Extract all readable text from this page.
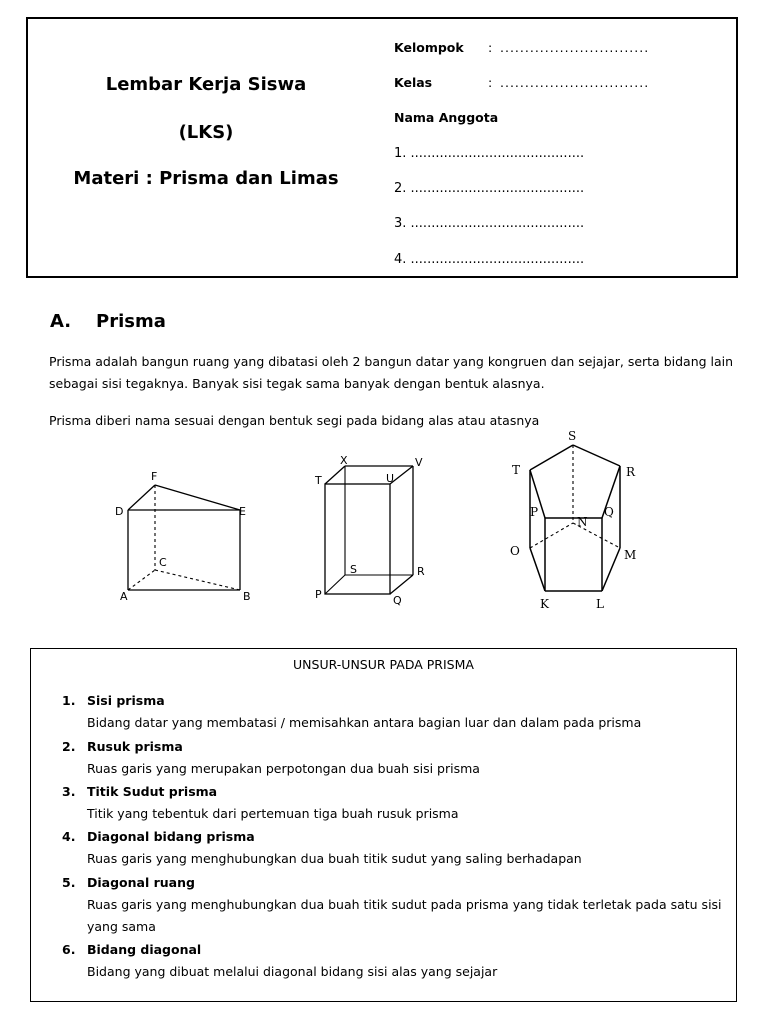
Lembar Kerja Siswa
(LKS)
Materi : Prisma dan Limas
Kelompok : ..............................
Kelas	: ..............................
Nama Anggota
1. ..........................................
2. ..........................................
3. ..........................................
4. ..........................................
A. Prisma
Prisma adalah bangun ruang yang dibatasi oleh 2 bangun datar yang kongruen dan sejajar, serta bidang lain sebagai sisi tegaknya. Banyak sisi tegak sama banyak dengan bentuk alasnya.
Prisma diberi nama sesuai dengan bentuk segi pada bidang alas atau atasnya
F
D	E
C
A	B
X	V
T	U
S	R
P	Q
S
T	R
P
N
Q
O	M
K	L
UNSUR-UNSUR PADA PRISMA
1. Sisi prisma
Bidang datar yang membatasi / memisahkan antara bagian luar dan dalam pada prisma
2. Rusuk prisma
Ruas garis yang merupakan perpotongan dua buah sisi prisma
3. Titik Sudut prisma
Titik yang tebentuk dari pertemuan tiga buah rusuk prisma
4. Diagonal bidang prisma
Ruas garis yang menghubungkan dua buah titik sudut yang saling berhadapan
5. Diagonal ruang
Ruas garis yang menghubungkan dua buah titik sudut pada prisma yang tidak terletak pada satu sisi yang sama
6. Bidang diagonal
Bidang yang dibuat melalui diagonal bidang sisi alas yang sejajar
